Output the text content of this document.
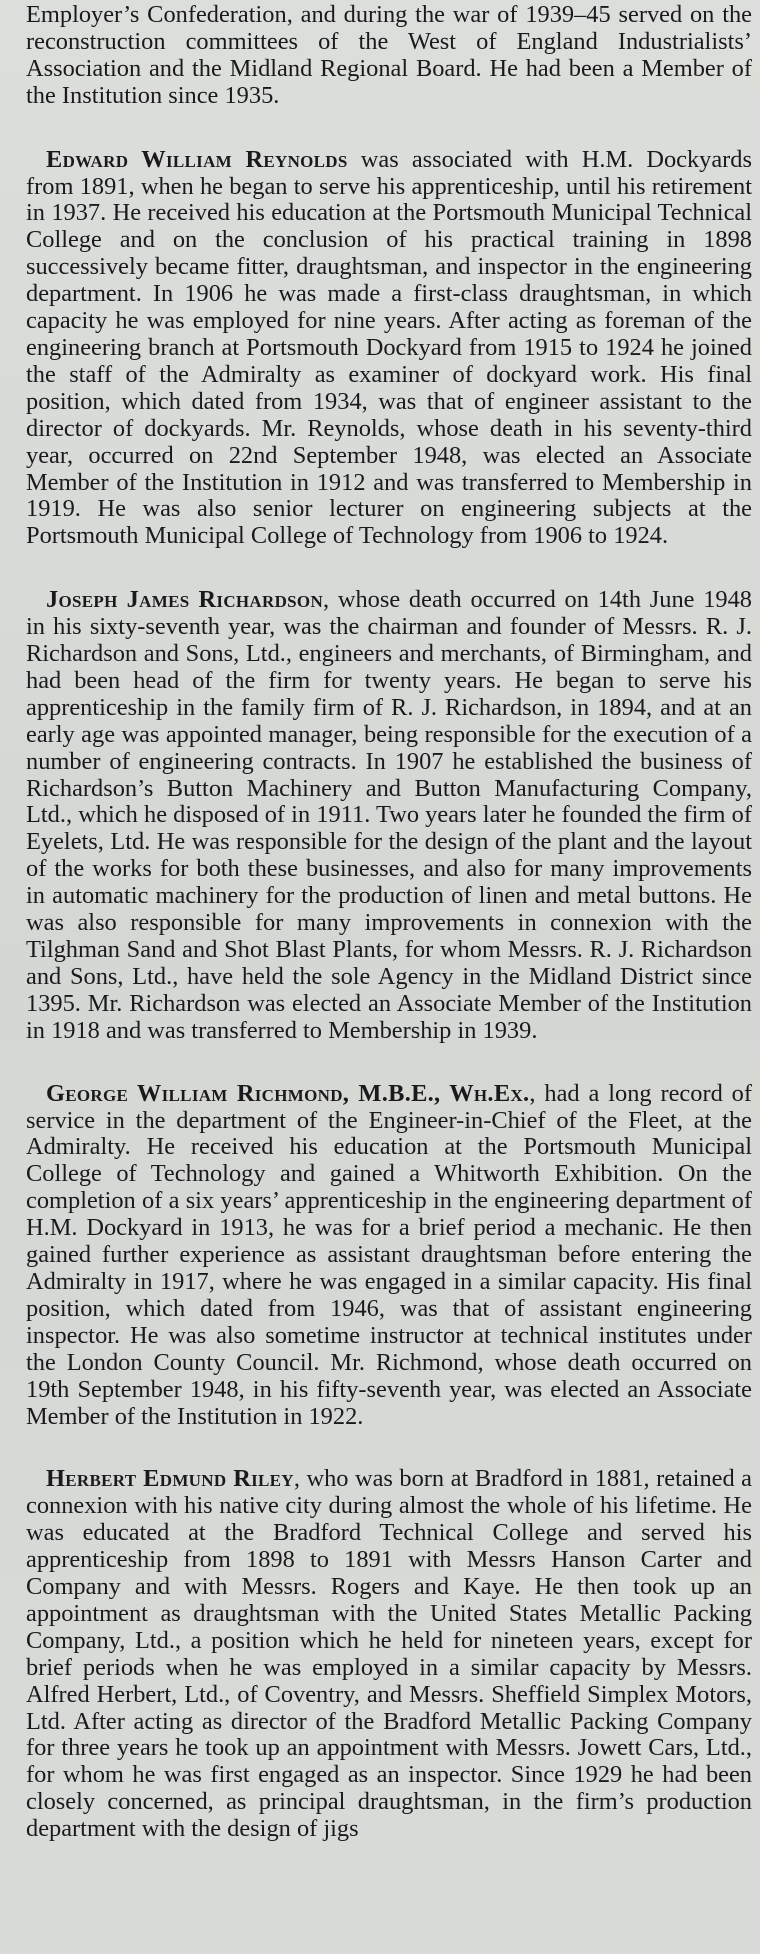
Employer’s Confederation, and during the war of 1939–45 served on the reconstruction committees of the West of England Industrialists’ Association and the Midland Regional Board. He had been a Member of the Institution since 1935.

Edward William Reynolds was associated with H.M. Dockyards from 1891, when he began to serve his apprenticeship, until his retirement in 1937. He received his education at the Portsmouth Municipal Technical College and on the conclusion of his practical training in 1898 successively became fitter, draughtsman, and inspector in the engineering department. In 1906 he was made a first-class draughtsman, in which capacity he was employed for nine years. After acting as foreman of the engineering branch at Portsmouth Dockyard from 1915 to 1924 he joined the staff of the Admiralty as examiner of dockyard work. His final position, which dated from 1934, was that of engineer assistant to the director of dockyards. Mr. Reynolds, whose death in his seventy-third year, occurred on 22nd September 1948, was elected an Associate Member of the Institution in 1912 and was transferred to Membership in 1919. He was also senior lecturer on engineering subjects at the Portsmouth Municipal College of Technology from 1906 to 1924.

Joseph James Richardson, whose death occurred on 14th June 1948 in his sixty-seventh year, was the chairman and founder of Messrs. R. J. Richardson and Sons, Ltd., engineers and merchants, of Birmingham, and had been head of the firm for twenty years. He began to serve his apprenticeship in the family firm of R. J. Richardson, in 1894, and at an early age was appointed manager, being responsible for the execution of a number of engineering contracts. In 1907 he established the business of Richardson’s Button Machinery and Button Manufacturing Company, Ltd., which he disposed of in 1911. Two years later he founded the firm of Eyelets, Ltd. He was responsible for the design of the plant and the layout of the works for both these businesses, and also for many improvements in automatic machinery for the production of linen and metal buttons. He was also responsible for many improvements in connexion with the Tilghman Sand and Shot Blast Plants, for whom Messrs. R. J. Richardson and Sons, Ltd., have held the sole Agency in the Midland District since 1395. Mr. Richardson was elected an Associate Member of the Institution in 1918 and was transferred to Membership in 1939.

George William Richmond, M.B.E., Wh.Ex., had a long record of service in the department of the Engineer-in-Chief of the Fleet, at the Admiralty. He received his education at the Portsmouth Municipal College of Technology and gained a Whitworth Exhibition. On the completion of a six years’ apprenticeship in the engineering department of H.M. Dockyard in 1913, he was for a brief period a mechanic. He then gained further experience as assistant draughtsman before entering the Admiralty in 1917, where he was engaged in a similar capacity. His final position, which dated from 1946, was that of assistant engineering inspector. He was also sometime instructor at technical institutes under the London County Council. Mr. Richmond, whose death occurred on 19th September 1948, in his fifty-seventh year, was elected an Associate Member of the Institution in 1922.

Herbert Edmund Riley, who was born at Bradford in 1881, retained a connexion with his native city during almost the whole of his lifetime. He was educated at the Bradford Technical College and served his apprenticeship from 1898 to 1891 with Messrs Hanson Carter and Company and with Messrs. Rogers and Kaye. He then took up an appointment as draughtsman with the United States Metallic Packing Company, Ltd., a position which he held for nineteen years, except for brief periods when he was employed in a similar capacity by Messrs. Alfred Herbert, Ltd., of Coventry, and Messrs. Sheffield Simplex Motors, Ltd. After acting as director of the Bradford Metallic Packing Company for three years he took up an appointment with Messrs. Jowett Cars, Ltd., for whom he was first engaged as an inspector. Since 1929 he had been closely concerned, as principal draughtsman, in the firm’s production department with the design of jigs
